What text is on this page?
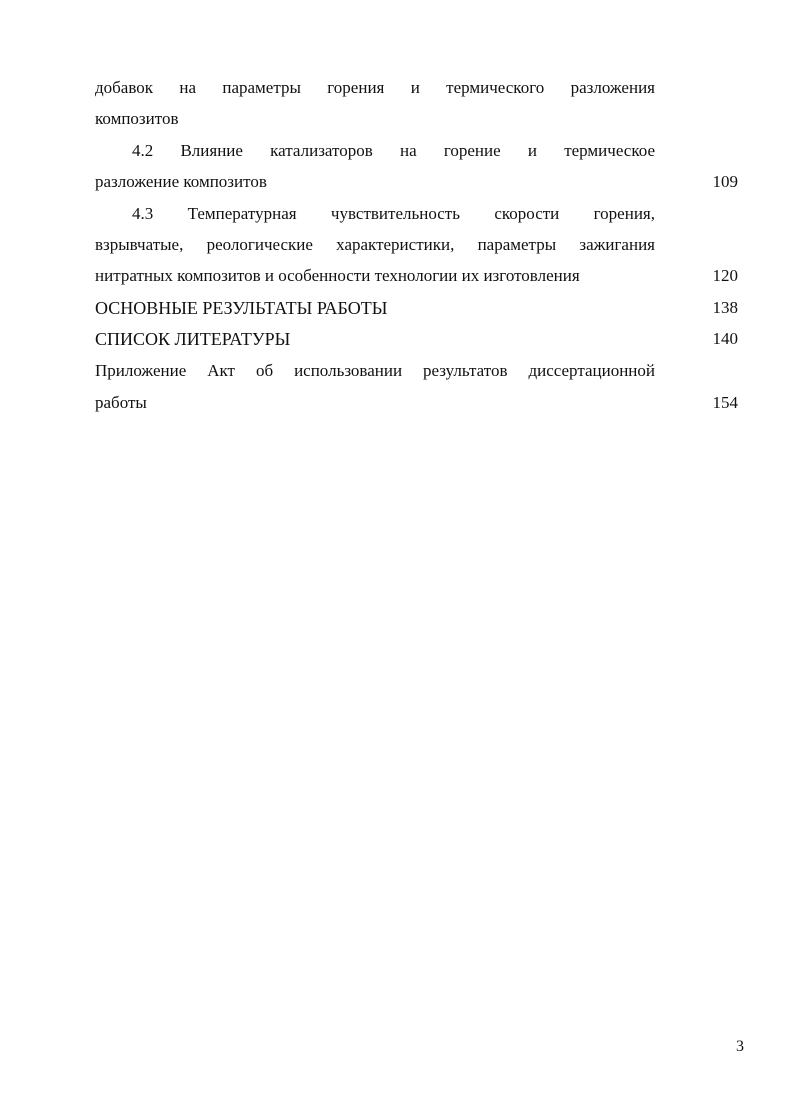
добавок на параметры горения и термического разложения
композитов
4.2 Влияние катализаторов на горение и термическое
разложение композитов	109
4.3 Температурная чувствительность скорости горения,
взрывчатые, реологические характеристики, параметры зажигания
нитратных композитов и особенности технологии их изготовления	120
ОСНОВНЫЕ РЕЗУЛЬТАТЫ РАБОТЫ	138
СПИСОК ЛИТЕРАТУРЫ	140
Приложение Акт об использовании результатов диссертационной
работы	154
3
